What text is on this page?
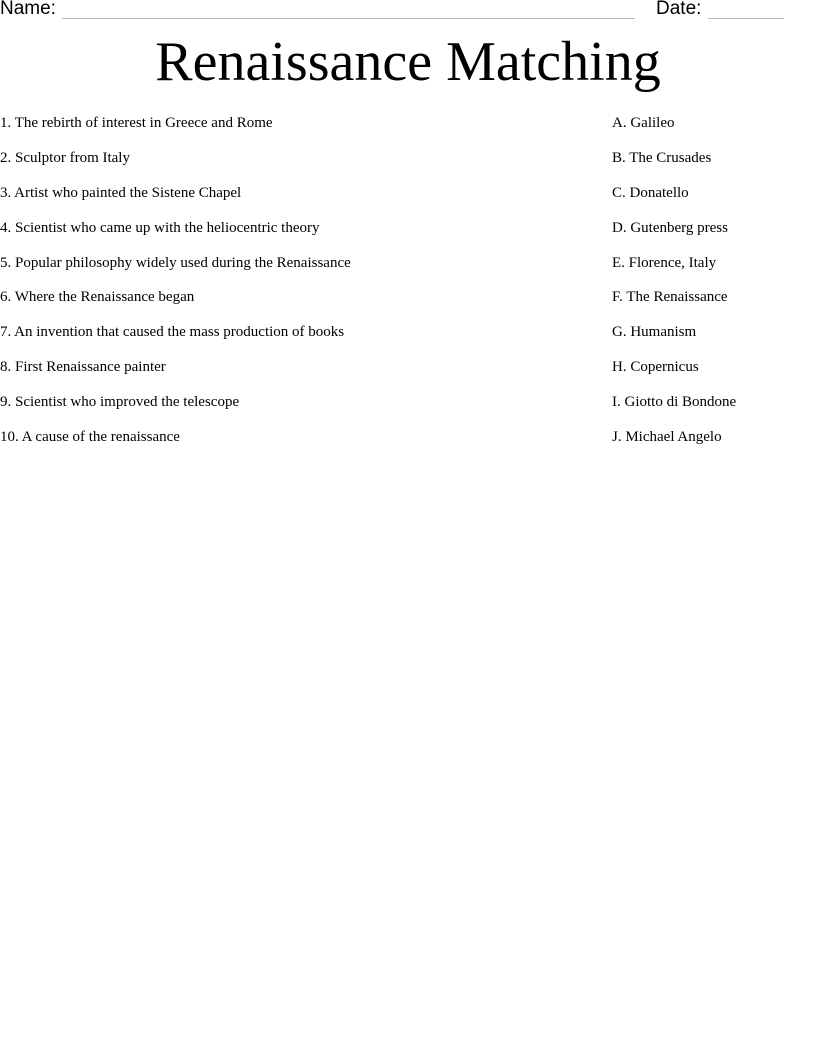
Name:	Date:
Renaissance Matching
1. The rebirth of interest in Greece and Rome
2. Sculptor from Italy
3. Artist who painted the Sistene Chapel
4. Scientist who came up with the heliocentric theory
5. Popular philosophy widely used during the Renaissance
6. Where the Renaissance began
7. An invention that caused the mass production of books
8. First Renaissance painter
9. Scientist who improved the telescope
10. A cause of the renaissance
A. Galileo
B. The Crusades
C. Donatello
D. Gutenberg press
E. Florence, Italy
F. The Renaissance
G. Humanism
H. Copernicus
I. Giotto di Bondone
J. Michael Angelo
